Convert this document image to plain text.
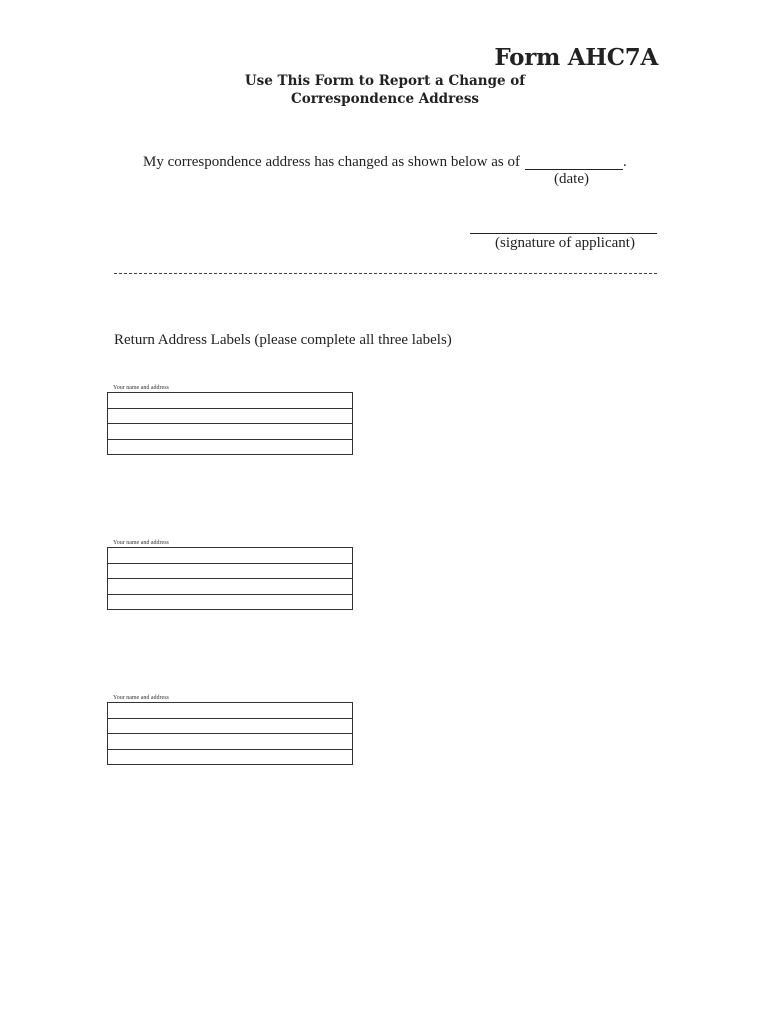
Form AHC7A
Use This Form to Report a Change of
Correspondence Address
My correspondence address has changed as shown below as of	.
(date)
(signature of applicant)
Return Address Labels (please complete all three labels)
Your name and address
Your name and address
Your name and address
